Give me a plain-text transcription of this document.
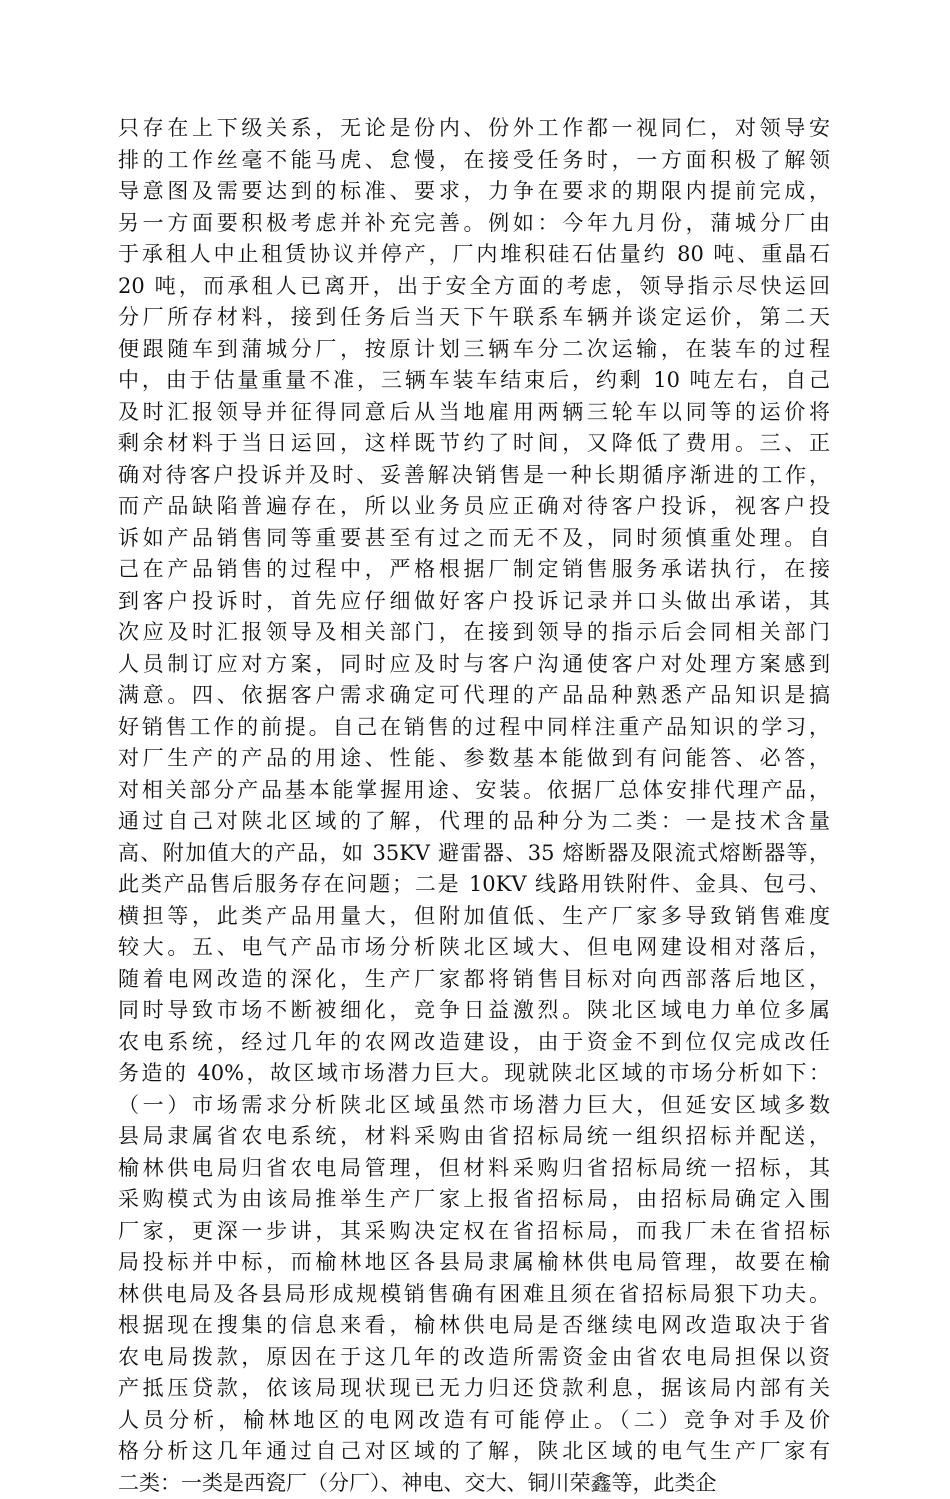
只存在上下级关系，无论是份内、份外工作都一视同仁，对领导安
排的工作丝毫不能马虎、怠慢，在接受任务时，一方面积极了解领
导意图及需要达到的标准、要求，力争在要求的期限内提前完成，
另一方面要积极考虑并补充完善。例如：今年九月份，蒲城分厂由
于承租人中止租赁协议并停产，厂内堆积硅石估量约 80 吨、重晶石
20 吨，而承租人已离开，出于安全方面的考虑，领导指示尽快运回
分厂所存材料，接到任务后当天下午联系车辆并谈定运价，第二天
便跟随车到蒲城分厂，按原计划三辆车分二次运输，在装车的过程
中，由于估量重量不准，三辆车装车结束后，约剩 10 吨左右，自己
及时汇报领导并征得同意后从当地雇用两辆三轮车以同等的运价将
剩余材料于当日运回，这样既节约了时间，又降低了费用。三、正
确对待客户投诉并及时、妥善解决销售是一种长期循序渐进的工作，
而产品缺陷普遍存在，所以业务员应正确对待客户投诉，视客户投
诉如产品销售同等重要甚至有过之而无不及，同时须慎重处理。自
己在产品销售的过程中，严格根据厂制定销售服务承诺执行，在接
到客户投诉时，首先应仔细做好客户投诉记录并口头做出承诺，其
次应及时汇报领导及相关部门，在接到领导的指示后会同相关部门
人员制订应对方案，同时应及时与客户沟通使客户对处理方案感到
满意。四、依据客户需求确定可代理的产品品种熟悉产品知识是搞
好销售工作的前提。自己在销售的过程中同样注重产品知识的学习，
对厂生产的产品的用途、性能、参数基本能做到有问能答、必答，
对相关部分产品基本能掌握用途、安装。依据厂总体安排代理产品，
通过自己对陕北区域的了解，代理的品种分为二类：一是技术含量
高、附加值大的产品，如 35KV 避雷器、35 熔断器及限流式熔断器等，
此类产品售后服务存在问题；二是 10KV 线路用铁附件、金具、包弓、
横担等，此类产品用量大，但附加值低、生产厂家多导致销售难度
较大。五、电气产品市场分析陕北区域大、但电网建设相对落后，
随着电网改造的深化，生产厂家都将销售目标对向西部落后地区，
同时导致市场不断被细化，竞争日益激烈。陕北区域电力单位多属
农电系统，经过几年的农网改造建设，由于资金不到位仅完成改任
务造的 40%，故区域市场潜力巨大。现就陕北区域的市场分析如下：
（一）市场需求分析陕北区域虽然市场潜力巨大，但延安区域多数
县局隶属省农电系统，材料采购由省招标局统一组织招标并配送，
榆林供电局归省农电局管理，但材料采购归省招标局统一招标，其
采购模式为由该局推举生产厂家上报省招标局，由招标局确定入围
厂家，更深一步讲，其采购决定权在省招标局，而我厂未在省招标
局投标并中标，而榆林地区各县局隶属榆林供电局管理，故要在榆
林供电局及各县局形成规模销售确有困难且须在省招标局狠下功夫。
根据现在搜集的信息来看，榆林供电局是否继续电网改造取决于省
农电局拨款，原因在于这几年的改造所需资金由省农电局担保以资
产抵压贷款，依该局现状现已无力归还贷款利息，据该局内部有关
人员分析，榆林地区的电网改造有可能停止。（二）竞争对手及价
格分析这几年通过自己对区域的了解，陕北区域的电气生产厂家有
二类：一类是西瓷厂（分厂）、神电、交大、铜川荣鑫等，此类企
